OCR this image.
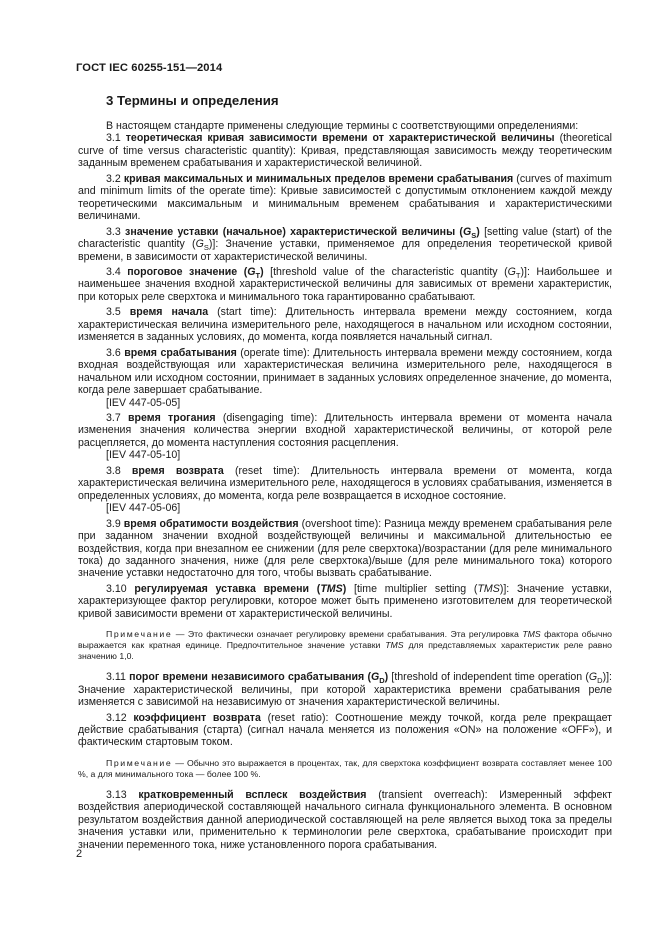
ГОСТ IEC 60255-151—2014
3 Термины и определения

В настоящем стандарте применены следующие термины с соответствующими определениями:

3.1 теоретическая кривая зависимости времени от характеристической величины (theoretical curve of time versus characteristic quantity): Кривая, представляющая зависимость между теоретическим заданным временем срабатывания и характеристической величиной.

3.2 кривая максимальных и минимальных пределов времени срабатывания (curves of maximum and minimum limits of the operate time): Кривые зависимостей с допустимым отклонением каждой между теоретическими максимальным и минимальным временем срабатывания и характеристическими величинами.

3.3 значение уставки (начальное) характеристической величины $(G_S)$ [setting value (start) of the characteristic quantity $(G_S)$]: Значение уставки, применяемое для определения теоретической кривой времени, в зависимости от характеристической величины.

3.4 пороговое значение $(G_T)$ [threshold value of the characteristic quantity $(G_T)$]: Наибольшее и наименьшее значения входной характеристической величины для зависимых от времени характеристик, при которых реле сверхтока и минимального тока гарантированно срабатывают.

3.5 время начала (start time): Длительность интервала времени между состоянием, когда характеристическая величина измерительного реле, находящегося в начальном или исходном состоянии, изменяется в заданных условиях, до момента, когда появляется начальный сигнал.

3.6 время срабатывания (operate time): Длительность интервала времени между состоянием, когда входная воздействующая или характеристическая величина измерительного реле, находящегося в начальном или исходном состоянии, принимает в заданных условиях определенное значение, до момента, когда реле завершает срабатывание.

[IEV 447-05-05]

3.7 время трогания (disengaging time): Длительность интервала времени от момента начала изменения значения количества энергии входной характеристической величины, от которой реле расцепляется, до момента наступления состояния расцепления.

[IEV 447-05-10]

3.8 время возврата (reset time): Длительность интервала времени от момента, когда характеристическая величина измерительного реле, находящегося в условиях срабатывания, изменяется в определенных условиях, до момента, когда реле возвращается в исходное состояние.

[IEV 447-05-06]

3.9 время обратимости воздействия (overshoot time): Разница между временем срабатывания реле при заданном значении входной воздействующей величины и максимальной длительностью ее воздействия, когда при внезапном ее снижении (для реле сверхтока)/возрастании (для реле минимального тока) до заданного значения, ниже (для реле сверхтока)/выше (для реле минимального тока) которого значение уставки недостаточно для того, чтобы вызвать срабатывание.

3.10 регулируемая уставка времени (TMS) [time multiplier setting (TMS)]: Значение уставки, характеризующее фактор регулировки, которое может быть применено изготовителем для теоретической кривой зависимости времени от характеристической величины.

Примечание — Это фактически означает регулировку времени срабатывания. Эта регулировка TMS фактора обычно выражается как кратная единице. Предпочтительное значение уставки TMS для представляемых характеристик реле равно значению 1,0.

3.11 порог времени независимого срабатывания $(G_D)$ [threshold of independent time operation $(G_D)$]: Значение характеристической величины, при которой характеристика времени срабатывания реле изменяется с зависимой на независимую от значения характеристической величины.

3.12 коэффициент возврата (reset ratio): Соотношение между точкой, когда реле прекращает действие срабатывания (старта) (сигнал начала меняется из положения «ON» на положение «OFF»), и фактическим стартовым током.

Примечание — Обычно это выражается в процентах, так, для сверхтока коэффициент возврата составляет менее 100 %, а для минимального тока — более 100 %.

3.13 кратковременный всплеск воздействия (transient overreach): Измеренный эффект воздействия апериодической составляющей начального сигнала функционального элемента. В основном результатом воздействия данной апериодической составляющей на реле является выход тока за пределы значения уставки или, применительно к терминологии реле сверхтока, срабатывание происходит при значении переменного тока, ниже установленного порога срабатывания.

2
